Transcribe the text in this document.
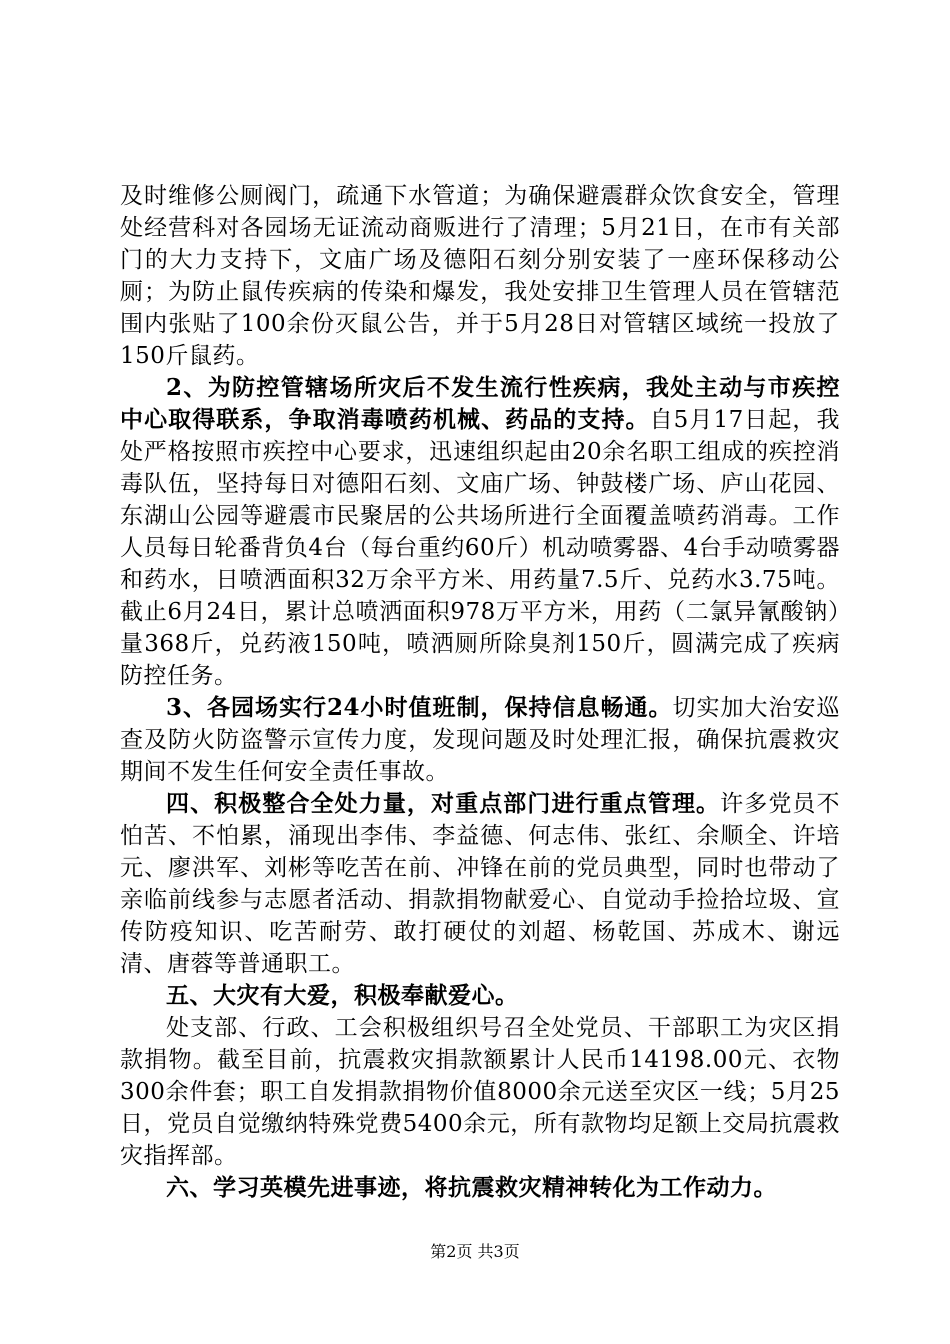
及时维修公厕阀门，疏通下水管道；为确保避震群众饮食安全，管理处经营科对各园场无证流动商贩进行了清理；5月21日，在市有关部门的大力支持下，文庙广场及德阳石刻分别安装了一座环保移动公厕；为防止鼠传疾病的传染和爆发，我处安排卫生管理人员在管辖范围内张贴了100余份灭鼠公告，并于5月28日对管辖区域统一投放了150斤鼠药。

2、为防控管辖场所灾后不发生流行性疾病，我处主动与市疾控中心取得联系，争取消毒喷药机械、药品的支持。自5月17日起，我处严格按照市疾控中心要求，迅速组织起由20余名职工组成的疾控消毒队伍，坚持每日对德阳石刻、文庙广场、钟鼓楼广场、庐山花园、东湖山公园等避震市民聚居的公共场所进行全面覆盖喷药消毒。工作人员每日轮番背负4台（每台重约60斤）机动喷雾器、4台手动喷雾器和药水，日喷洒面积32万余平方米、用药量7.5斤、兑药水3.75吨。截止6月24日，累计总喷洒面积978万平方米，用药（二氯异氰酸钠）量368斤，兑药液150吨，喷洒厕所除臭剂150斤，圆满完成了疾病防控任务。

3、各园场实行24小时值班制，保持信息畅通。切实加大治安巡查及防火防盗警示宣传力度，发现问题及时处理汇报，确保抗震救灾期间不发生任何安全责任事故。

四、积极整合全处力量，对重点部门进行重点管理。许多党员不怕苦、不怕累，涌现出李伟、李益德、何志伟、张红、余顺全、许培元、廖洪军、刘彬等吃苦在前、冲锋在前的党员典型，同时也带动了亲临前线参与志愿者活动、捐款捐物献爱心、自觉动手捡拾垃圾、宣传防疫知识、吃苦耐劳、敢打硬仗的刘超、杨乾国、苏成木、谢远清、唐蓉等普通职工。

五、大灾有大爱，积极奉献爱心。

处支部、行政、工会积极组织号召全处党员、干部职工为灾区捐款捐物。截至目前，抗震救灾捐款额累计人民币14198.00元、衣物300余件套；职工自发捐款捐物价值8000余元送至灾区一线；5月25日，党员自觉缴纳特殊党费5400余元，所有款物均足额上交局抗震救灾指挥部。

六、学习英模先进事迹，将抗震救灾精神转化为工作动力。

第2页 共3页
